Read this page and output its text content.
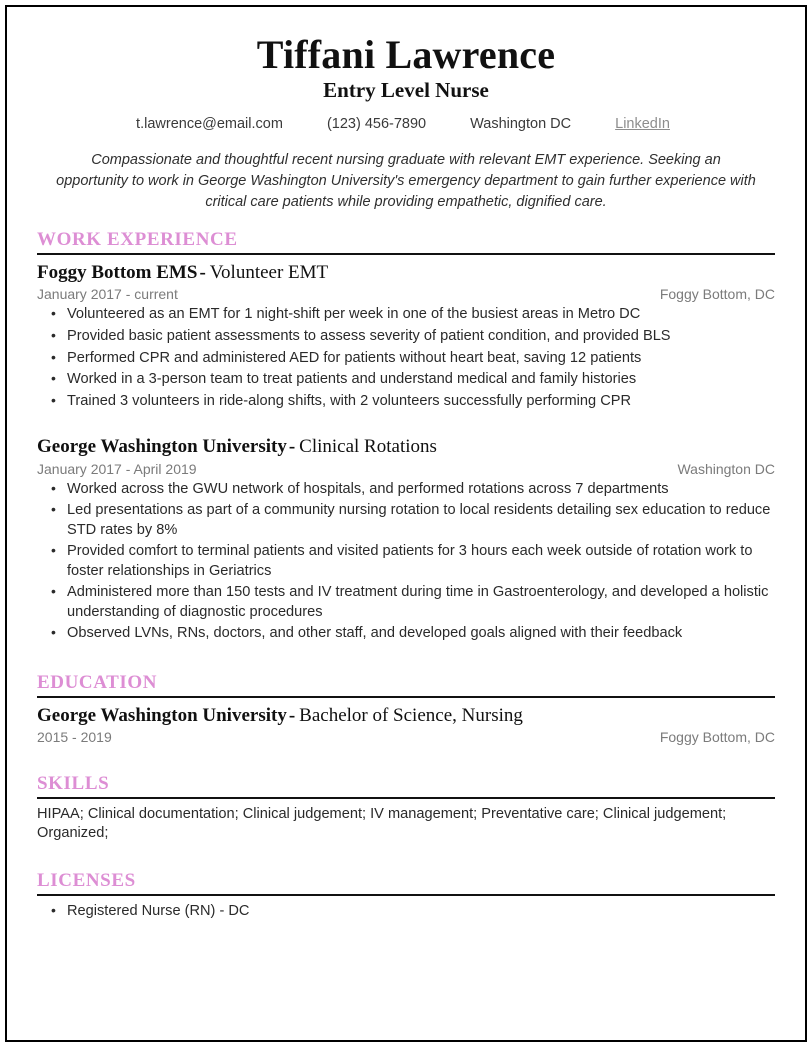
Tiffani Lawrence
Entry Level Nurse
t.lawrence@email.com	(123) 456-7890	Washington DC	LinkedIn

Compassionate and thoughtful recent nursing graduate with relevant EMT experience. Seeking an opportunity to work in George Washington University's emergency department to gain further experience with critical care patients while providing empathetic, dignified care.

WORK EXPERIENCE
Foggy Bottom EMS - Volunteer EMT
January 2017 - current	Foggy Bottom, DC
• Volunteered as an EMT for 1 night-shift per week in one of the busiest areas in Metro DC
• Provided basic patient assessments to assess severity of patient condition, and provided BLS
• Performed CPR and administered AED for patients without heart beat, saving 12 patients
• Worked in a 3-person team to treat patients and understand medical and family histories
• Trained 3 volunteers in ride-along shifts, with 2 volunteers successfully performing CPR
George Washington University - Clinical Rotations
January 2017 - April 2019	Washington DC
• Worked across the GWU network of hospitals, and performed rotations across 7 departments
• Led presentations as part of a community nursing rotation to local residents detailing sex education to reduce STD rates by 8%
• Provided comfort to terminal patients and visited patients for 3 hours each week outside of rotation work to foster relationships in Geriatrics
• Administered more than 150 tests and IV treatment during time in Gastroenterology, and developed a holistic understanding of diagnostic procedures
• Observed LVNs, RNs, doctors, and other staff, and developed goals aligned with their feedback
EDUCATION
George Washington University - Bachelor of Science, Nursing
2015 - 2019	Foggy Bottom, DC
SKILLS

HIPAA; Clinical documentation; Clinical judgement; IV management; Preventative care; Clinical judgement; Organized;

LICENSES
• Registered Nurse (RN) - DC
